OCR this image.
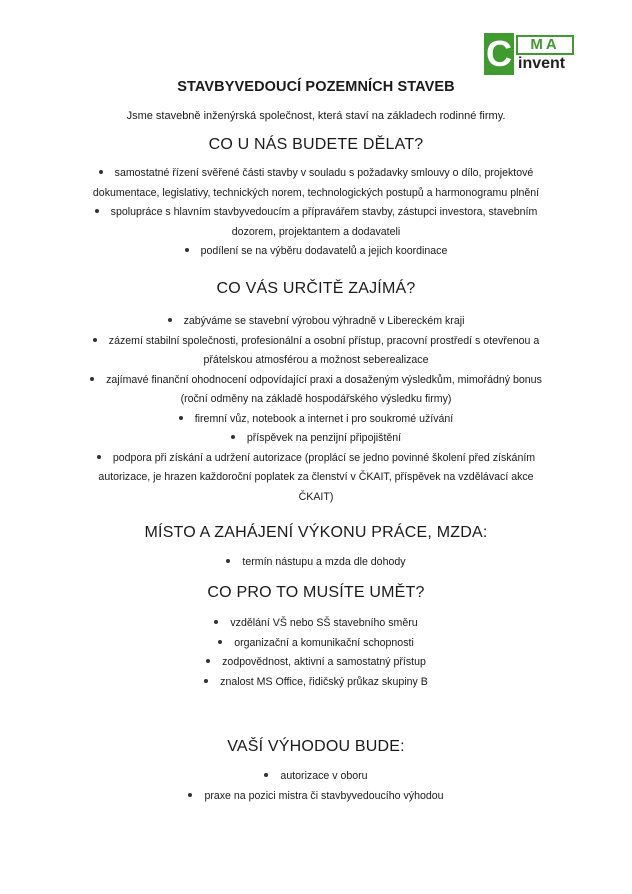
C	MA
invent
STAVBYVEDOUCÍ POZEMNÍCH STAVEB
Jsme stavebně inženýrská společnost, která staví na základech rodinné firmy.
CO U NÁS BUDETE DĚLAT?
samostatné řízení svěřené části stavby v souladu s požadavky smlouvy o dílo, projektové dokumentace, legislativy, technických norem, technologických postupů a harmonogramu plnění
spolupráce s hlavním stavbyvedoucím a přípravářem stavby, zástupci investora, stavebním dozorem, projektantem a dodavateli
podílení se na výběru dodavatelů a jejich koordinace
CO VÁS URČITĚ ZAJÍMÁ?
zabýváme se stavební výrobou výhradně v Libereckém kraji
zázemí stabilní společnosti, profesionální a osobní přístup, pracovní prostředí s otevřenou a přátelskou atmosférou a možnost seberealizace
zajímavé finanční ohodnocení odpovídající praxi a dosaženým výsledkům, mimořádný bonus (roční odměny na základě hospodářského výsledku firmy)
firemní vůz, notebook a internet i pro soukromé užívání
příspěvek na penzijní připojištění
podpora při získání a udržení autorizace (proplácí se jedno povinné školení před získáním autorizace, je hrazen každoroční poplatek za členství v ČKAIT, příspěvek na vzdělávací akce ČKAIT)
MÍSTO A ZAHÁJENÍ VÝKONU PRÁCE, MZDA:
termín nástupu a mzda dle dohody
CO PRO TO MUSÍTE UMĚT?
vzdělání VŠ nebo SŠ stavebního směru
organizační a komunikační schopnosti
zodpovědnost, aktivní a samostatný přístup
znalost MS Office, řidičský průkaz skupiny B
VAŠÍ VÝHODOU BUDE:
autorizace v oboru
praxe na pozici mistra či stavbyvedoucího výhodou
